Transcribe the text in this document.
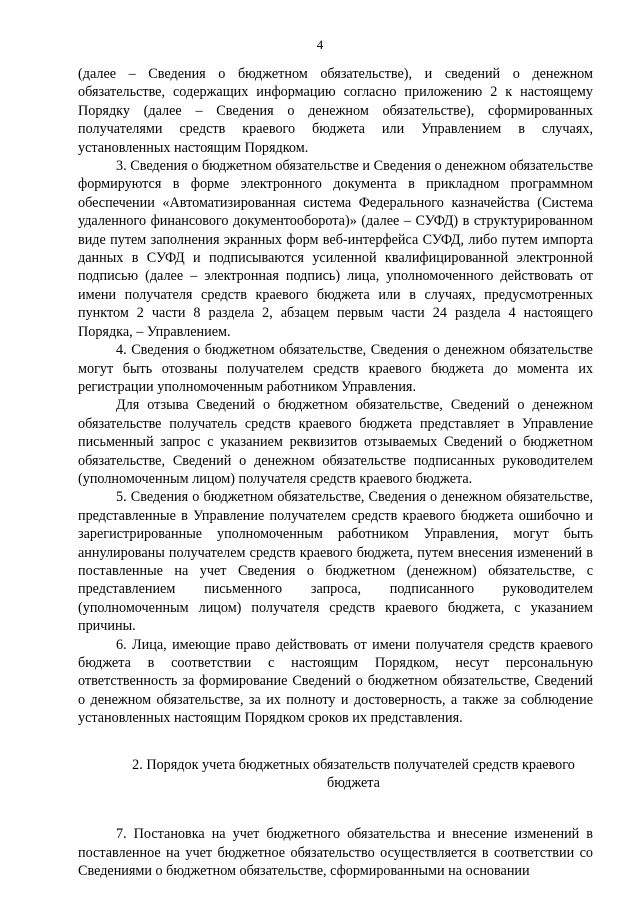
4

(далее – Сведения о бюджетном обязательстве), и сведений о денежном обязательстве, содержащих информацию согласно приложению 2 к настоящему Порядку (далее – Сведения о денежном обязательстве), сформированных получателями средств краевого бюджета или Управлением в случаях, установленных настоящим Порядком.

3. Сведения о бюджетном обязательстве и Сведения о денежном обязательстве формируются в форме электронного документа в прикладном программном обеспечении «Автоматизированная система Федерального казначейства (Система удаленного финансового документооборота)» (далее – СУФД) в структурированном виде путем заполнения экранных форм веб-интерфейса СУФД, либо путем импорта данных в СУФД и подписываются усиленной квалифицированной электронной подписью (далее – электронная подпись) лица, уполномоченного действовать от имени получателя средств краевого бюджета или в случаях, предусмотренных пунктом 2 части 8 раздела 2, абзацем первым части 24 раздела 4 настоящего Порядка, – Управлением.

4. Сведения о бюджетном обязательстве, Сведения о денежном обязательстве могут быть отозваны получателем средств краевого бюджета до момента их регистрации уполномоченным работником Управления.

Для отзыва Сведений о бюджетном обязательстве, Сведений о денежном обязательстве получатель средств краевого бюджета представляет в Управление письменный запрос с указанием реквизитов отзываемых Сведений о бюджетном обязательстве, Сведений о денежном обязательстве подписанных руководителем (уполномоченным лицом) получателя средств краевого бюджета.

5. Сведения о бюджетном обязательстве, Сведения о денежном обязательстве, представленные в Управление получателем средств краевого бюджета ошибочно и зарегистрированные уполномоченным работником Управления, могут быть аннулированы получателем средств краевого бюджета, путем внесения изменений в поставленные на учет Сведения о бюджетном (денежном) обязательстве, с представлением письменного запроса, подписанного руководителем (уполномоченным лицом) получателя средств краевого бюджета, с указанием причины.

6. Лица, имеющие право действовать от имени получателя средств краевого бюджета в соответствии с настоящим Порядком, несут персональную ответственность за формирование Сведений о бюджетном обязательстве, Сведений о денежном обязательстве, за их полноту и достоверность, а также за соблюдение установленных настоящим Порядком сроков их представления.

2. Порядок учета бюджетных обязательств получателей средств краевого бюджета

7. Постановка на учет бюджетного обязательства и внесение изменений в поставленное на учет бюджетное обязательство осуществляется в соответствии со Сведениями о бюджетном обязательстве, сформированными на основании
